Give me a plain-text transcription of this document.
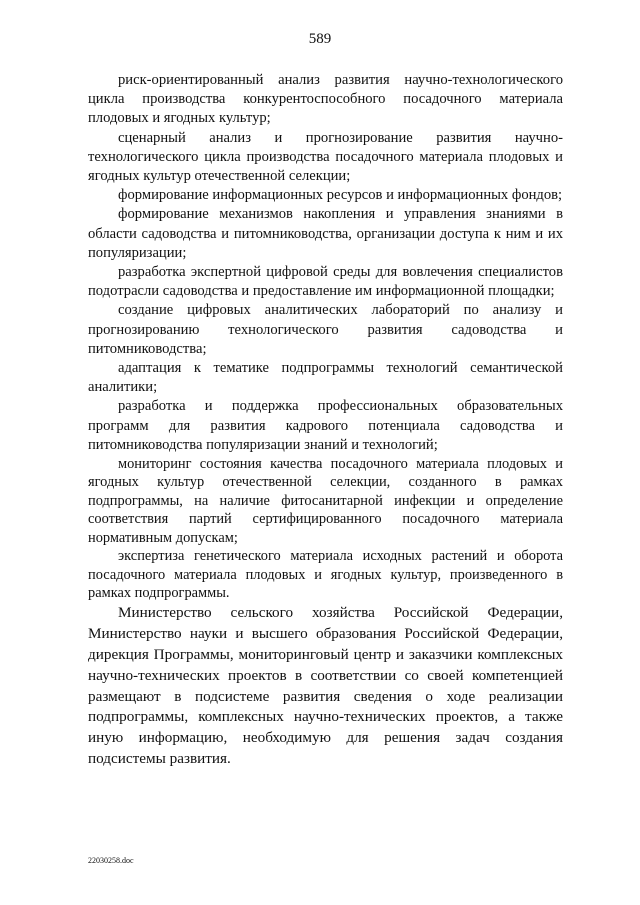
589

риск-ориентированный анализ развития научно-технологического цикла производства конкурентоспособного посадочного материала плодовых и ягодных культур;

сценарный анализ и прогнозирование развития научно-технологического цикла производства посадочного материала плодовых и ягодных культур отечественной селекции;

формирование информационных ресурсов и информационных фондов;

формирование механизмов накопления и управления знаниями в области садоводства и питомниководства, организации доступа к ним и их популяризации;

разработка экспертной цифровой среды для вовлечения специалистов подотрасли садоводства и предоставление им информационной площадки;

создание цифровых аналитических лабораторий по анализу и прогнозированию технологического развития садоводства и питомниководства;

адаптация к тематике подпрограммы технологий семантической аналитики;

разработка и поддержка профессиональных образовательных программ для развития кадрового потенциала садоводства и питомниководства популяризации знаний и технологий;

мониторинг состояния качества посадочного материала плодовых и ягодных культур отечественной селекции, созданного в рамках подпрограммы, на наличие фитосанитарной инфекции и определение соответствия партий сертифицированного посадочного материала нормативным допускам;

экспертиза генетического материала исходных растений и оборота посадочного материала плодовых и ягодных культур, произведенного в рамках подпрограммы.

Министерство сельского хозяйства Российской Федерации, Министерство науки и высшего образования Российской Федерации, дирекция Программы, мониторинговый центр и заказчики комплексных научно-технических проектов в соответствии со своей компетенцией размещают в подсистеме развития сведения о ходе реализации подпрограммы, комплексных научно-технических проектов, а также иную информацию, необходимую для решения задач создания подсистемы развития.

22030258.doc
